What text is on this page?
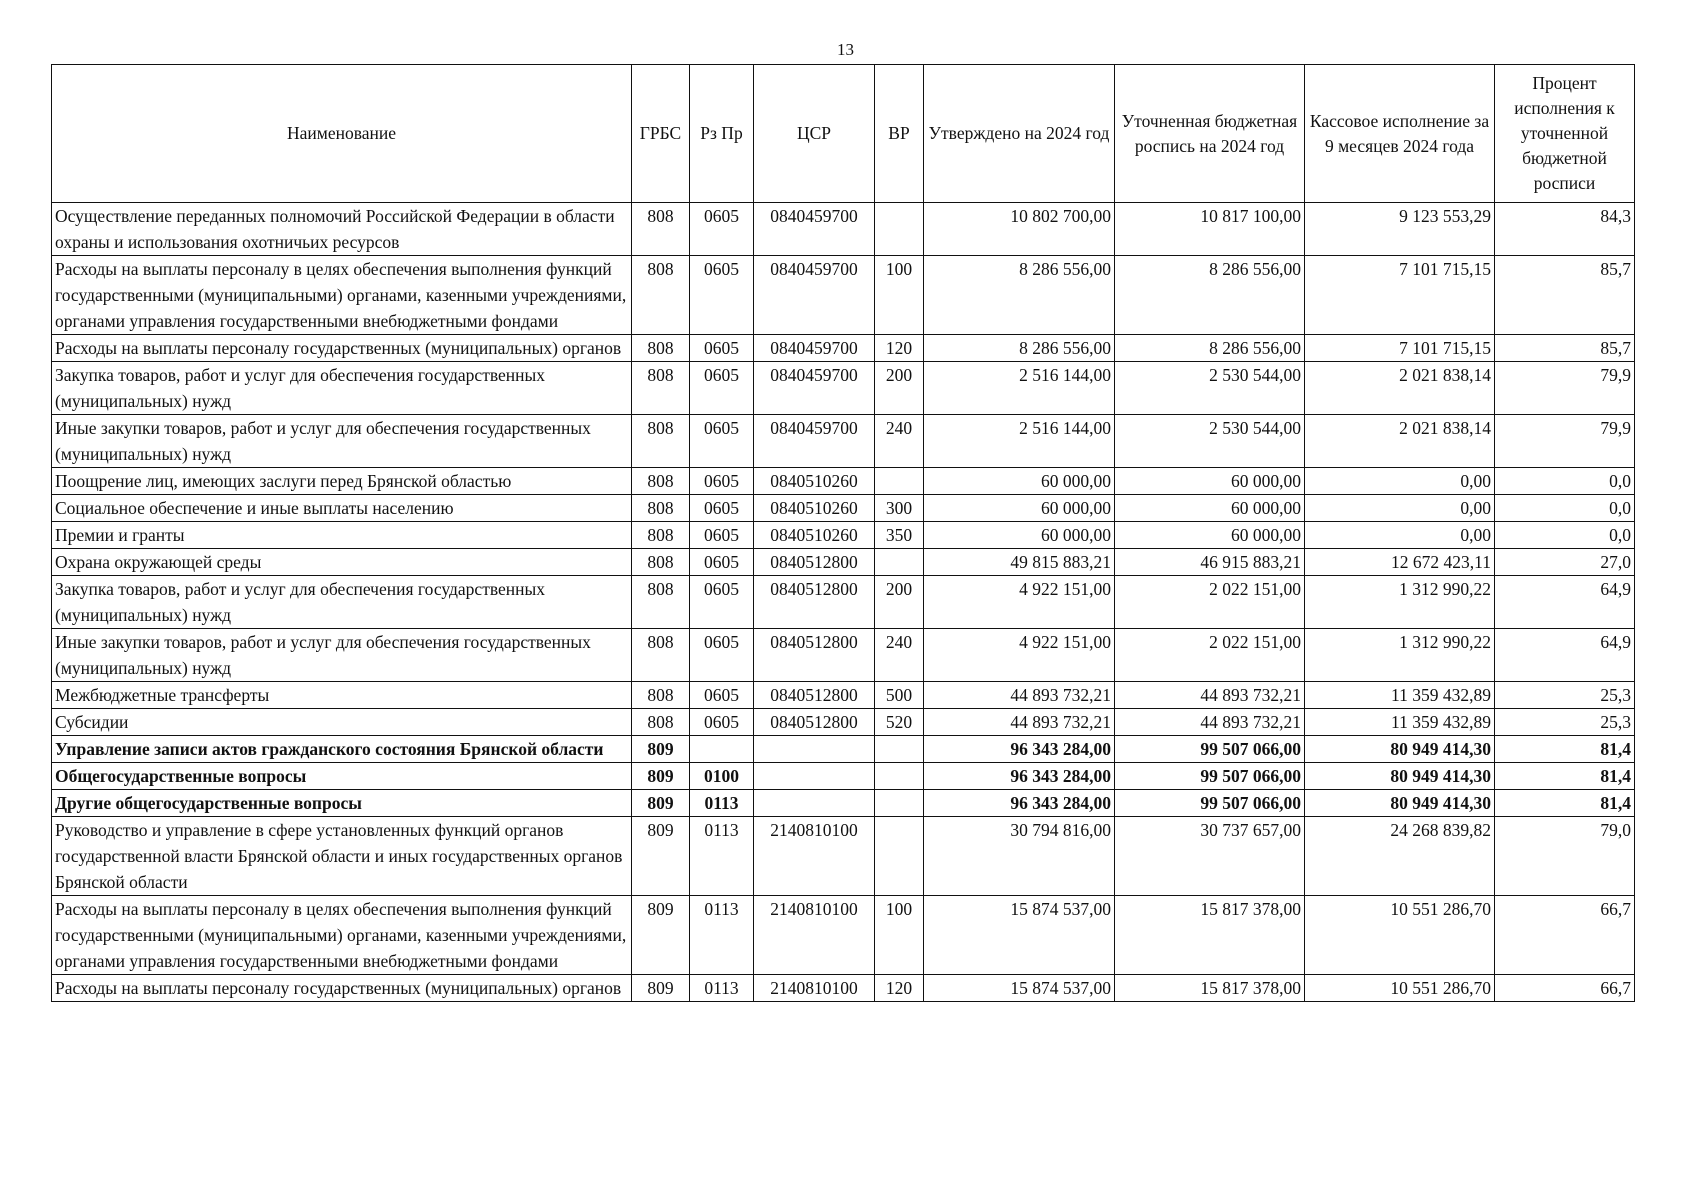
13
Наименование	ГРБС	Рз Пр	ЦСР	ВР	Утверждено на 2024 год	Уточненная бюджетная роспись на 2024 год	Кассовое исполнение за 9 месяцев 2024 года	Процент исполнения к уточненной бюджетной росписи
Осуществление переданных полномочий Российской Федерации в области охраны и использования охотничьих ресурсов	808	0605	0840459700		10 802 700,00	10 817 100,00	9 123 553,29	84,3
Расходы на выплаты персоналу в целях обеспечения выполнения функций государственными (муниципальными) органами, казенными учреждениями, органами управления государственными внебюджетными фондами	808	0605	0840459700	100	8 286 556,00	8 286 556,00	7 101 715,15	85,7
Расходы на выплаты персоналу государственных (муниципальных) органов	808	0605	0840459700	120	8 286 556,00	8 286 556,00	7 101 715,15	85,7
Закупка товаров, работ и услуг для обеспечения государственных (муниципальных) нужд	808	0605	0840459700	200	2 516 144,00	2 530 544,00	2 021 838,14	79,9
Иные закупки товаров, работ и услуг для обеспечения государственных (муниципальных) нужд	808	0605	0840459700	240	2 516 144,00	2 530 544,00	2 021 838,14	79,9
Поощрение лиц, имеющих заслуги перед Брянской областью	808	0605	0840510260		60 000,00	60 000,00	0,00	0,0
Социальное обеспечение и иные выплаты населению	808	0605	0840510260	300	60 000,00	60 000,00	0,00	0,0
Премии и гранты	808	0605	0840510260	350	60 000,00	60 000,00	0,00	0,0
Охрана окружающей среды	808	0605	0840512800		49 815 883,21	46 915 883,21	12 672 423,11	27,0
Закупка товаров, работ и услуг для обеспечения государственных (муниципальных) нужд	808	0605	0840512800	200	4 922 151,00	2 022 151,00	1 312 990,22	64,9
Иные закупки товаров, работ и услуг для обеспечения государственных (муниципальных) нужд	808	0605	0840512800	240	4 922 151,00	2 022 151,00	1 312 990,22	64,9
Межбюджетные трансферты	808	0605	0840512800	500	44 893 732,21	44 893 732,21	11 359 432,89	25,3
Субсидии	808	0605	0840512800	520	44 893 732,21	44 893 732,21	11 359 432,89	25,3
Управление записи актов гражданского состояния Брянской области	809				96 343 284,00	99 507 066,00	80 949 414,30	81,4
Общегосударственные вопросы	809	0100			96 343 284,00	99 507 066,00	80 949 414,30	81,4
Другие общегосударственные вопросы	809	0113			96 343 284,00	99 507 066,00	80 949 414,30	81,4
Руководство и управление в сфере установленных функций органов государственной власти Брянской области и иных государственных органов Брянской области	809	0113	2140810100		30 794 816,00	30 737 657,00	24 268 839,82	79,0
Расходы на выплаты персоналу в целях обеспечения выполнения функций государственными (муниципальными) органами, казенными учреждениями, органами управления государственными внебюджетными фондами	809	0113	2140810100	100	15 874 537,00	15 817 378,00	10 551 286,70	66,7
Расходы на выплаты персоналу государственных (муниципальных) органов	809	0113	2140810100	120	15 874 537,00	15 817 378,00	10 551 286,70	66,7
